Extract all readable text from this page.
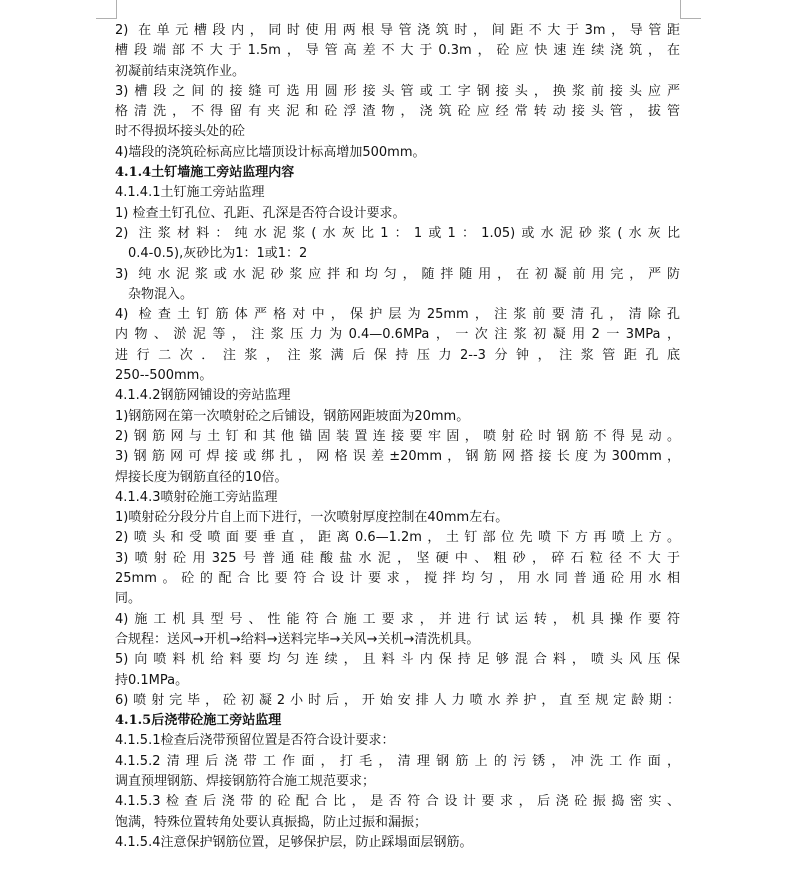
2) 在单元槽段内，同时使用两根导管浇筑时，间距不大于3m，导管距
槽段端部不大于1.5m，导管高差不大于0.3m，砼应快速连续浇筑，在
初凝前结束浇筑作业。
3)槽段之间的接缝可选用圆形接头管或工字钢接头，换浆前接头应严
格清洗，不得留有夹泥和砼浮渣物，浇筑砼应经常转动接头管，拔管
时不得损坏接头处的砼
4)墙段的浇筑砼标高应比墙顶设计标高增加500mm。
4.1.4土钉墙施工旁站监理内容
4.1.4.1土钉施工旁站监理
1) 检查土钉孔位、孔距、孔深是否符合设计要求。
2) 注浆材料：纯水泥浆(水灰比1：1或1：1.05)或水泥砂浆(水灰比
0.4-0.5),灰砂比为1：1或1：2
3) 纯水泥浆或水泥砂浆应拌和均匀，随拌随用，在初凝前用完，严防
杂物混入。
4) 检查土钉筋体严格对中，保护层为25mm，注浆前要清孔，清除孔
内物、淤泥等，注浆压力为0.4—0.6MPa，一次注浆初凝用2一3MPa，
进行二次．注浆，注浆满后保持压力2--3分钟，注浆管距孔底
250--500mm。
4.1.4.2钢筋网铺设的旁站监理
1)钢筋网在第一次喷射砼之后铺设，钢筋网距坡面为20mm。
2)钢筋网与土钉和其他锚固装置连接要牢固，喷射砼时钢筋不得晃动。
3)钢筋网可焊接或绑扎，网格误差±20mm，钢筋网搭接长度为300mm，
焊接长度为钢筋直径的10倍。
4.1.4.3喷射砼施工旁站监理
1)喷射砼分段分片自上而下进行，一次喷射厚度控制在40mm左右。
2)喷头和受喷面要垂直，距离0.6—1.2m，土钉部位先喷下方再喷上方。
3)喷射砼用325号普通硅酸盐水泥，坚硬中、粗砂，碎石粒径不大于
25mm。砼的配合比要符合设计要求，搅拌均匀，用水同普通砼用水相
同。
4)施工机具型号、性能符合施工要求，并进行试运转，机具操作要符
合规程：送风→开机→给料→送料完毕→关风→关机→清洗机具。
5)向喷料机给料要均匀连续，且料斗内保持足够混合料，喷头风压保
持0.1MPa。
6)喷射完毕，砼初凝2小时后，开始安排人力喷水养护，直至规定龄期：
4.1.5后浇带砼施工旁站监理
4.1.5.1检查后浇带预留位置是否符合设计要求：
4.1.5.2清理后浇带工作面，打毛，清理钢筋上的污锈，冲洗工作面，
调直预埋钢筋、焊接钢筋符合施工规范要求；
4.1.5.3检查后浇带的砼配合比，是否符合设计要求，后浇砼振捣密实、
饱满，特殊位置转角处要认真振捣，防止过振和漏振；
4.1.5.4注意保护钢筋位置，足够保护层，防止踩塌面层钢筋。
